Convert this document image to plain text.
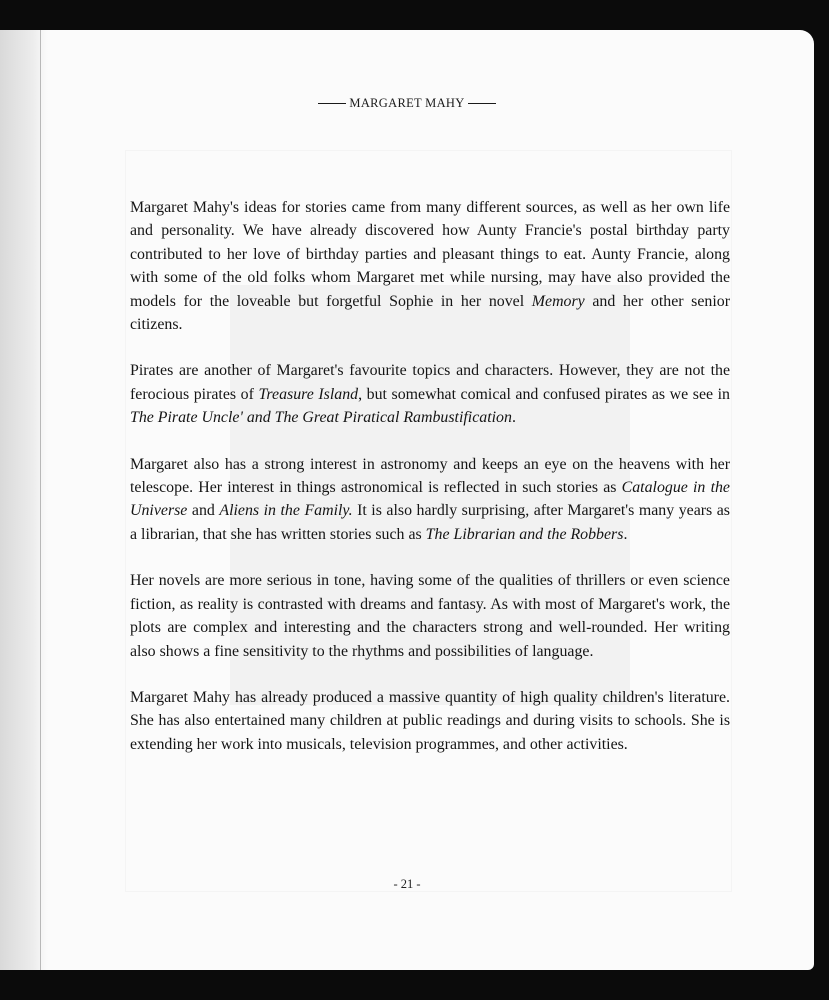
MARGARET MAHY

Margaret Mahy's ideas for stories came from many different sources, as well as her own life and personality. We have already discovered how Aunty Francie's postal birthday party contributed to her love of birthday parties and pleasant things to eat. Aunty Francie, along with some of the old folks whom Margaret met while nursing, may have also provided the models for the loveable but forgetful Sophie in her novel Memory and her other senior citizens.

Pirates are another of Margaret's favourite topics and characters. However, they are not the ferocious pirates of Treasure Island, but somewhat comical and confused pirates as we see in The Pirate Uncle' and The Great Piratical Rambustification.

Margaret also has a strong interest in astronomy and keeps an eye on the heavens with her telescope. Her interest in things astronomical is reflected in such stories as Catalogue in the Universe and Aliens in the Family. It is also hardly surprising, after Margaret's many years as a librarian, that she has written stories such as The Librarian and the Robbers.

Her novels are more serious in tone, having some of the qualities of thrillers or even science fiction, as reality is contrasted with dreams and fantasy. As with most of Margaret's work, the plots are complex and interesting and the characters strong and well-rounded. Her writing also shows a fine sensitivity to the rhythms and possibilities of language.

Margaret Mahy has already produced a massive quantity of high quality children's literature. She has also entertained many children at public readings and during visits to schools. She is extending her work into musicals, television programmes, and other activities.

- 21 -
